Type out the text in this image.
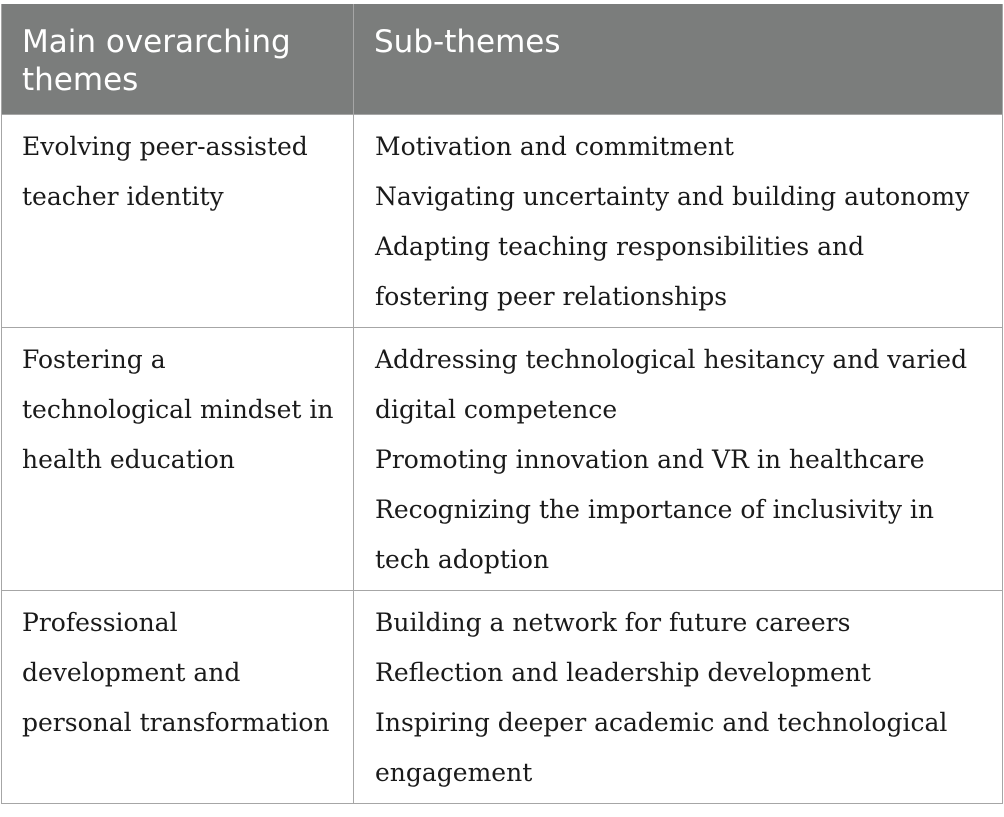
Main overarching themes	Sub-themes
Evolving peer-assisted teacher identity	Motivation and commitment
Navigating uncertainty and building autonomy
Adapting teaching responsibilities and fostering peer relationships

Fostering a technological mindset in health education	Addressing technological hesitancy and varied digital competence
Promoting innovation and VR in healthcare
Recognizing the importance of inclusivity in tech adoption

Professional development and personal transformation	Building a network for future careers
Reflection and leadership development
Inspiring deeper academic and technological engagement
